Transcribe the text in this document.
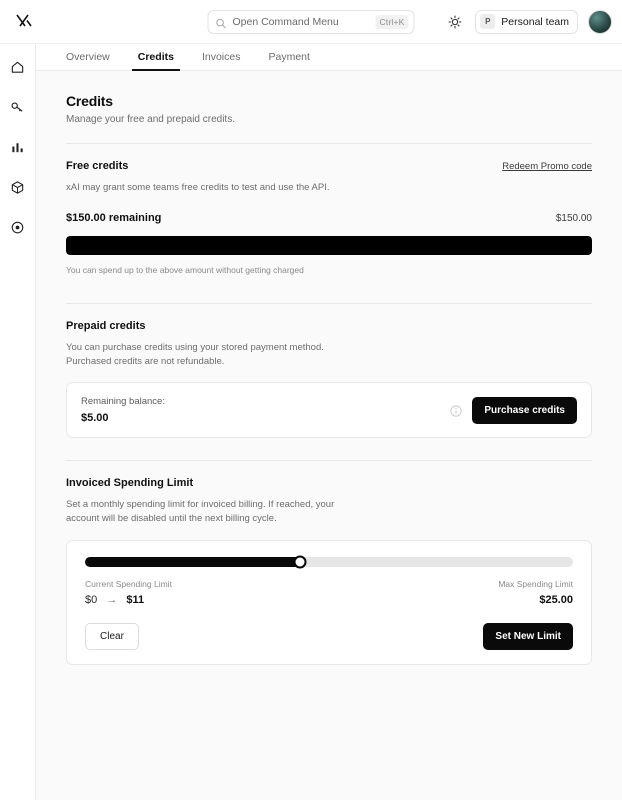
Open Command Menu	Ctrl+K	P	Personal team
Overview	Credits	Invoices	Payment
Credits
Manage your free and prepaid credits.
Free credits	Redeem Promo code
xAI may grant some teams free credits to test and use the API.
$150.00 remaining	$150.00
You can spend up to the above amount without getting charged
Prepaid credits
You can purchase credits using your stored payment method. Purchased credits are not refundable.
Remaining balance:
$5.00
Purchase credits
Invoiced Spending Limit
Set a monthly spending limit for invoiced billing. If reached, your account will be disabled until the next billing cycle.
Current Spending Limit	Max Spending Limit
$0 → $11	$25.00
Clear	Set New Limit
